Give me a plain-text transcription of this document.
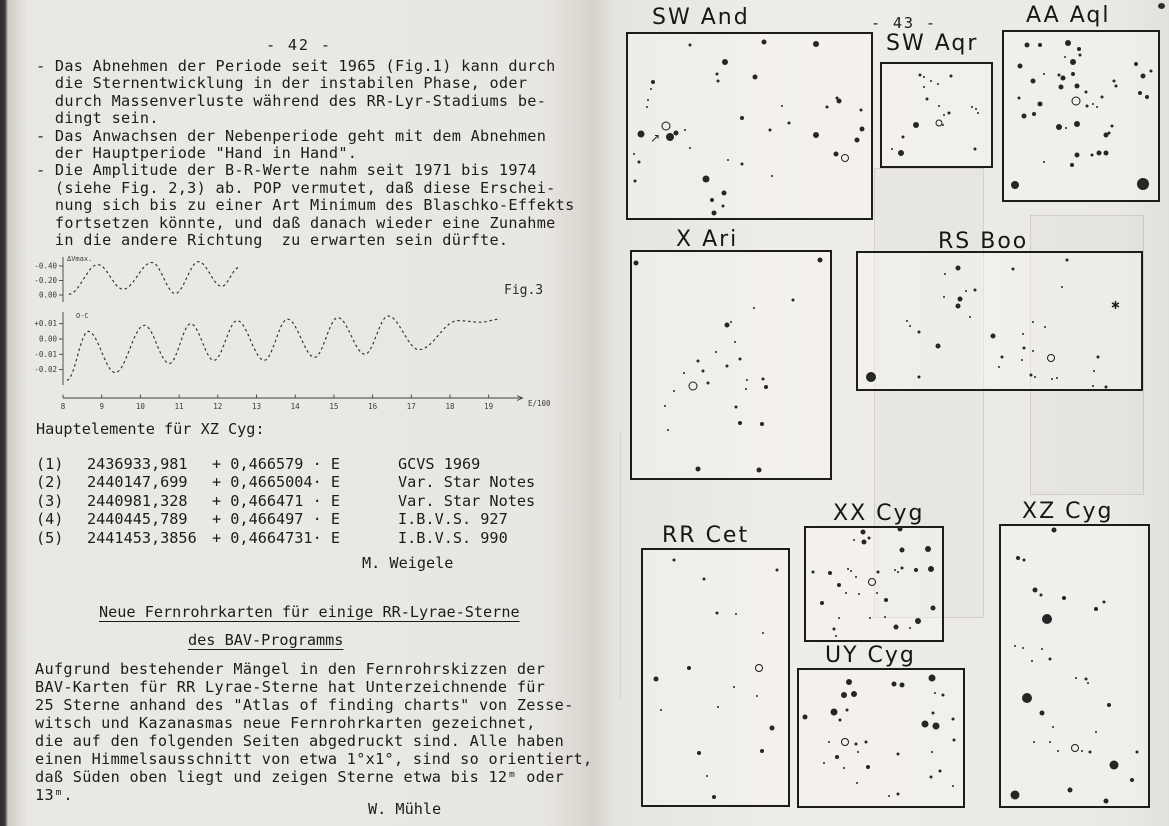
- 42 -
- Das Abnehmen der Periode seit 1965 (Fig.1) kann durch
die Sternentwicklung in der instabilen Phase, oder
durch Massenverluste während des RR-Lyr-Stadiums be-
dingt sein.
- Das Anwachsen der Nebenperiode geht mit dem Abnehmen
der Hauptperiode "Hand in Hand".
- Die Amplitude der B-R-Werte nahm seit 1971 bis 1974
(siehe Fig. 2,3) ab. POP vermutet, daß diese Erschei-
nung sich bis zu einer Art Minimum des Blaschko-Effekts
fortsetzen könnte, und daß danach wieder eine Zunahme
in die andere Richtung  zu erwarten sein dürfte.
-0.40
-0.20
0.00
ΔVmax.
+0.01
0.00
-0.01
-0.02
O-C
8	9	10	11	12	13	14	15	16	17	18	19	E/100
Fig.3
Hauptelemente für XZ Cyg:
(1)	2436933,981	+ 0,466579 · E	GCVS 1969
(2)	2440147,699	+ 0,4665004· E	Var. Star Notes
(3)	2440981,328	+ 0,466471 · E	Var. Star Notes
(4)	2440445,789	+ 0,466497 · E	I.B.V.S. 927
(5)	2441453,3856	+ 0,4664731· E	I.B.V.S. 990
M. Weigele
Neue Fernrohrkarten für einige RR-Lyrae-Sterne
des BAV-Programms
Aufgrund bestehender Mängel in den Fernrohrskizzen der
BAV-Karten für RR Lyrae-Sterne hat Unterzeichnende für
25 Sterne anhand des "Atlas of finding charts" von Zesse-
witsch und Kazanasmas neue Fernrohrkarten gezeichnet,
die auf den folgenden Seiten abgedruckt sind. Alle haben
einen Himmelsausschnitt von etwa 1°x1°, sind so orientiert,
daß Süden oben liegt und zeigen Sterne etwa bis 12ᵐ oder
13ᵐ.
W. Mühle
- 43 -
SW And
↗
SW Aqr
AA Aql
X Ari	RS Boo
∗
RR Cet
XX Cyg
UY Cyg
XZ Cyg
